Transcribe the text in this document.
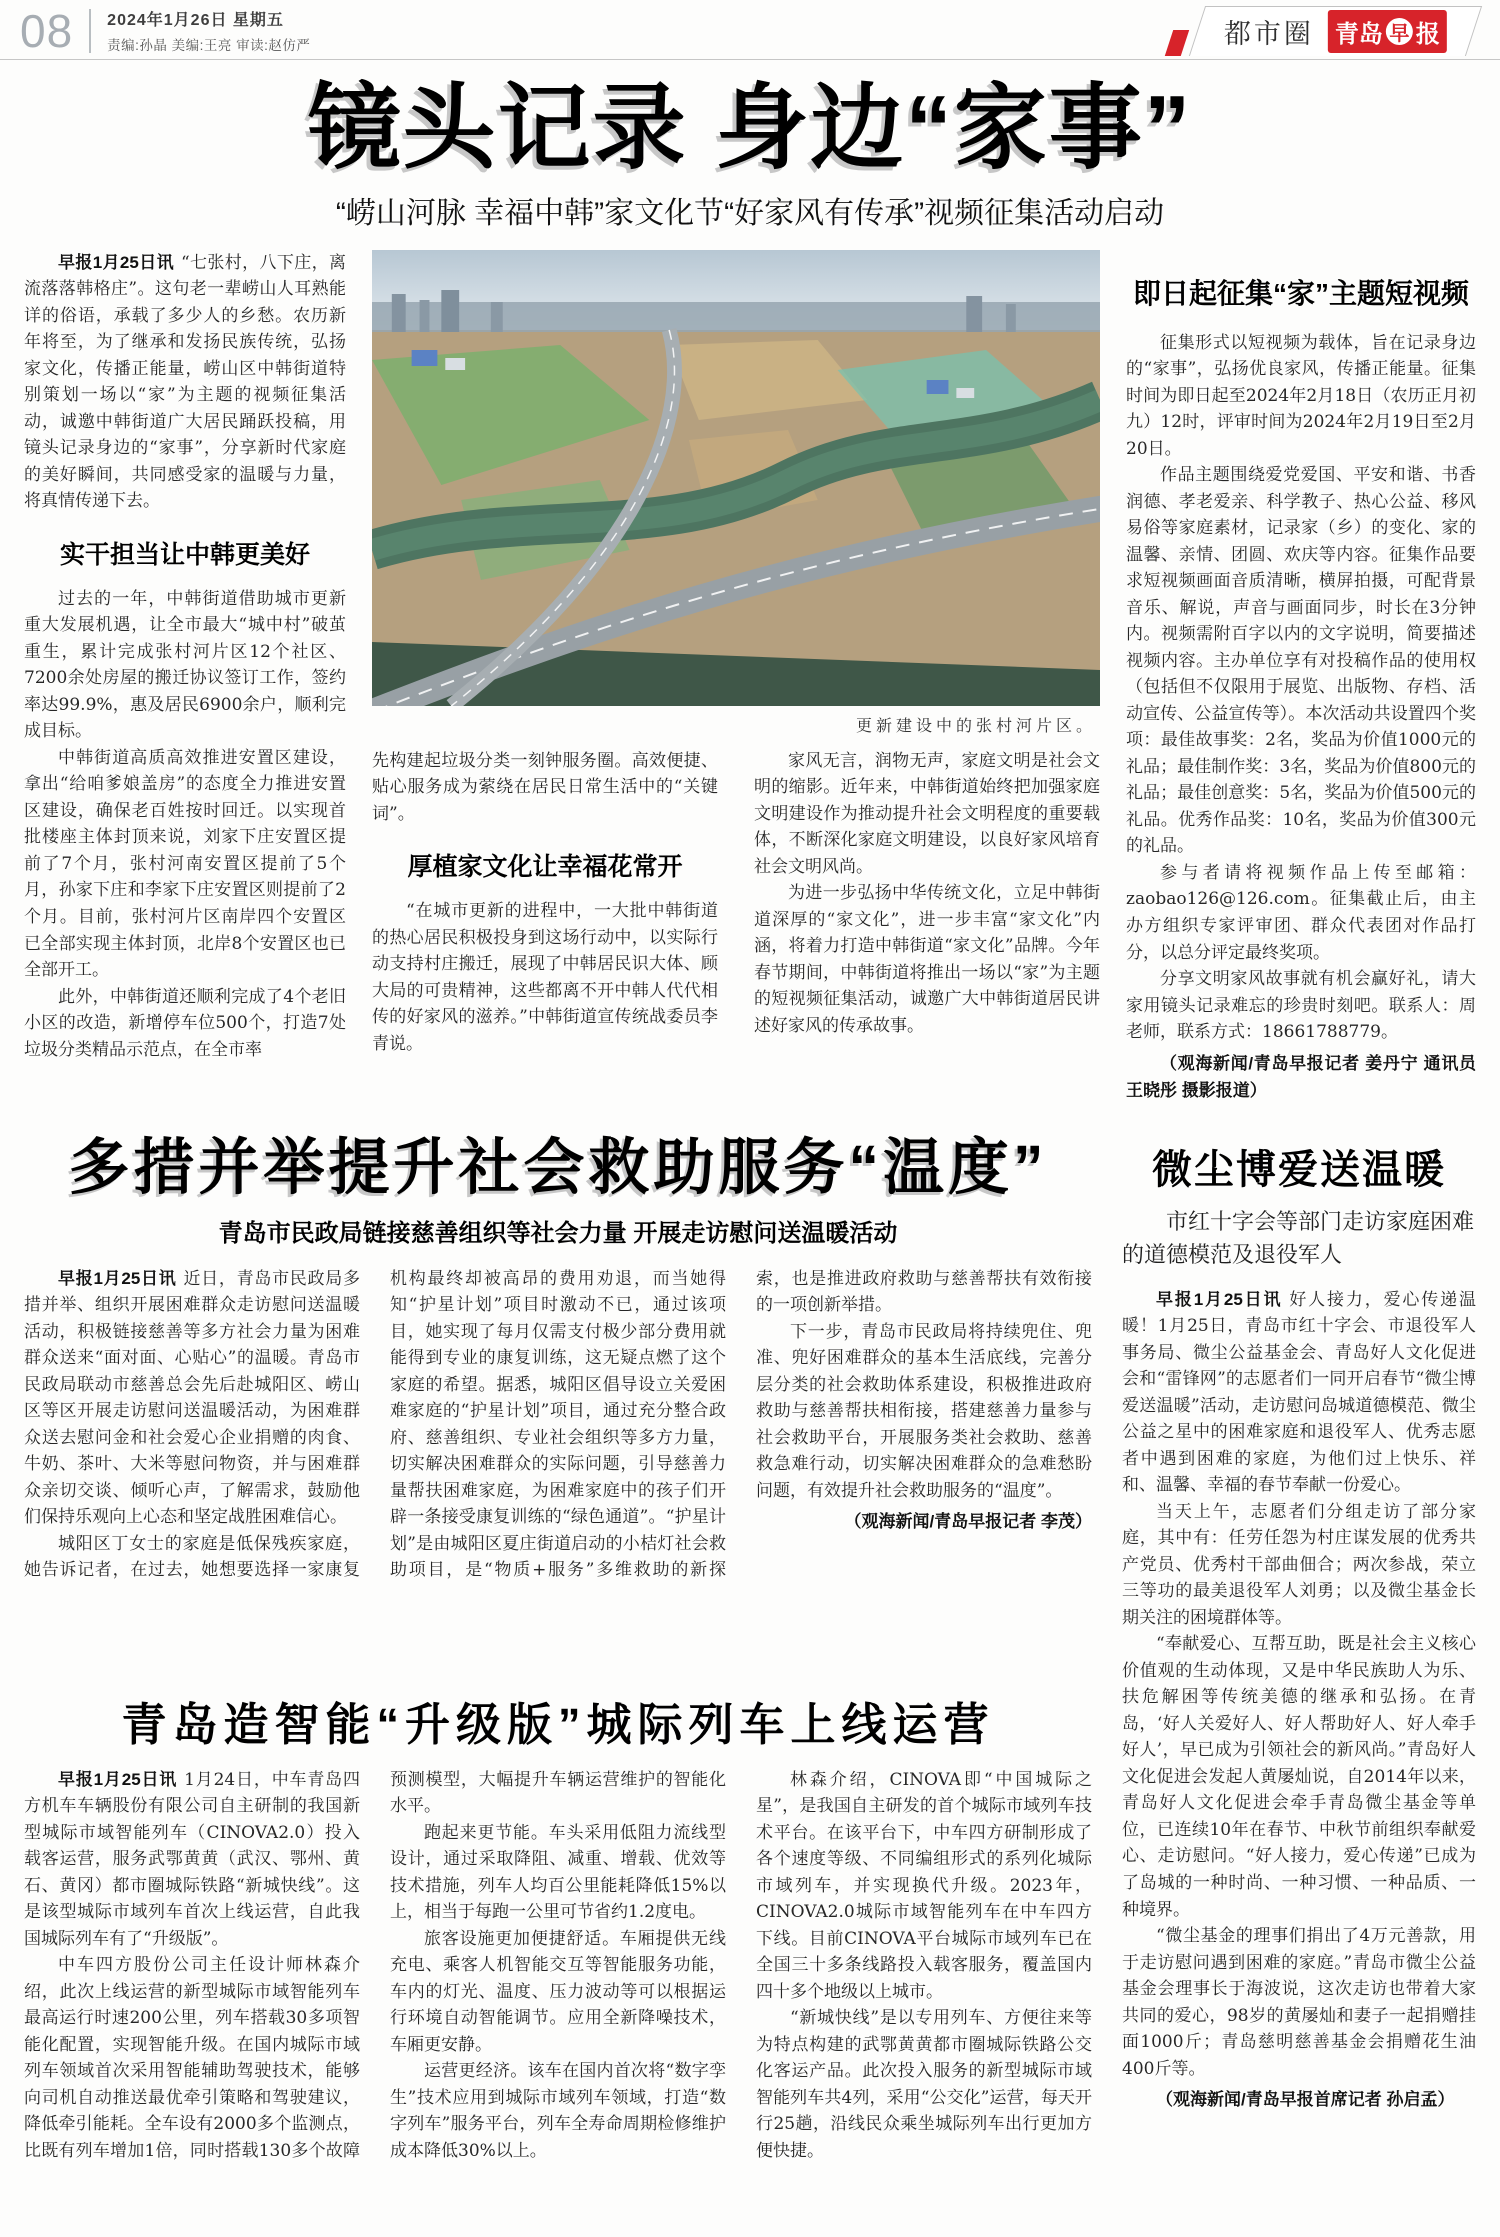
08 2024年1月26日 星期五
责编:孙晶 美编:王亮 审读:赵仿严	都市圈 青岛 早 报
镜头记录 身边“家事”

“崂山河脉 幸福中韩”家文化节“好家风有传承”视频征集活动启动

早报1月25日讯 “七张村，八下庄，离流落落韩格庄”。这句老一辈崂山人耳熟能详的俗语，承载了多少人的乡愁。农历新年将至，为了继承和发扬民族传统，弘扬家文化，传播正能量，崂山区中韩街道特别策划一场以“家”为主题的视频征集活动，诚邀中韩街道广大居民踊跃投稿，用镜头记录身边的“家事”，分享新时代家庭的美好瞬间，共同感受家的温暖与力量，将真情传递下去。

实干担当让中韩更美好

过去的一年，中韩街道借助城市更新重大发展机遇，让全市最大“城中村”破茧重生，累计完成张村河片区12个社区、7200余处房屋的搬迁协议签订工作，签约率达99.9%，惠及居民6900余户，顺利完成目标。

中韩街道高质高效推进安置区建设，拿出“给咱爹娘盖房”的态度全力推进安置区建设，确保老百姓按时回迁。以实现首批楼座主体封顶来说，刘家下庄安置区提前了7个月，张村河南安置区提前了5个月，孙家下庄和李家下庄安置区则提前了2个月。目前，张村河片区南岸四个安置区已全部实现主体封顶，北岸8个安置区也已全部开工。

此外，中韩街道还顺利完成了4个老旧小区的改造，新增停车位500个，打造7处垃圾分类精品示范点，在全市率

更新建设中的张村河片区。

先构建起垃圾分类一刻钟服务圈。高效便捷、贴心服务成为萦绕在居民日常生活中的“关键词”。

厚植家文化让幸福花常开

“在城市更新的进程中，一大批中韩街道的热心居民积极投身到这场行动中，以实际行动支持村庄搬迁，展现了中韩居民识大体、顾大局的可贵精神，这些都离不开中韩人代代相传的好家风的滋养。”中韩街道宣传统战委员李青说。

家风无言，润物无声，家庭文明是社会文明的缩影。近年来，中韩街道始终把加强家庭文明建设作为推动提升社会文明程度的重要载体，不断深化家庭文明建设，以良好家风培育社会文明风尚。

为进一步弘扬中华传统文化，立足中韩街道深厚的“家文化”，进一步丰富“家文化”内涵，将着力打造中韩街道“家文化”品牌。今年春节期间，中韩街道将推出一场以“家”为主题的短视频征集活动，诚邀广大中韩街道居民讲述好家风的传承故事。

即日起征集“家”主题短视频

征集形式以短视频为载体，旨在记录身边的“家事”，弘扬优良家风，传播正能量。征集时间为即日起至2024年2月18日（农历正月初九）12时，评审时间为2024年2月19日至2月20日。

作品主题围绕爱党爱国、平安和谐、书香润德、孝老爱亲、科学教子、热心公益、移风易俗等家庭素材，记录家（乡）的变化、家的温馨、亲情、团圆、欢庆等内容。征集作品要求短视频画面音质清晰，横屏拍摄，可配背景音乐、解说，声音与画面同步，时长在3分钟内。视频需附百字以内的文字说明，简要描述视频内容。主办单位享有对投稿作品的使用权（包括但不仅限用于展览、出版物、存档、活动宣传、公益宣传等）。本次活动共设置四个奖项：最佳故事奖：2名，奖品为价值1000元的礼品；最佳制作奖：3名，奖品为价值800元的礼品；最佳创意奖：5名，奖品为价值500元的礼品。优秀作品奖：10名，奖品为价值300元的礼品。

参与者请将视频作品上传至邮箱：zaobao126@126.com。征集截止后，由主办方组织专家评审团、群众代表团对作品打分，以总分评定最终奖项。

分享文明家风故事就有机会赢好礼，请大家用镜头记录难忘的珍贵时刻吧。联系人：周老师，联系方式：18661788779。

（观海新闻/青岛早报记者 姜丹宁 通讯员 王晓彤 摄影报道）

多措并举提升社会救助服务“温度”

青岛市民政局链接慈善组织等社会力量 开展走访慰问送温暖活动

早报1月25日讯 近日，青岛市民政局多措并举、组织开展困难群众走访慰问送温暖活动，积极链接慈善等多方社会力量为困难群众送来“面对面、心贴心”的温暖。青岛市民政局联动市慈善总会先后赴城阳区、崂山区等区开展走访慰问送温暖活动，为困难群众送去慰问金和社会爱心企业捐赠的肉食、牛奶、茶叶、大米等慰问物资，并与困难群众亲切交谈、倾听心声，了解需求，鼓励他们保持乐观向上心态和坚定战胜困难信心。

城阳区丁女士的家庭是低保残疾家庭，她告诉记者，在过去，她想要选择一家康复机构最终却被高昂的费用劝退，而当她得知“护星计划”项目时激动不已，通过该项目，她实现了每月仅需支付极少部分费用就能得到专业的康复训练，这无疑点燃了这个家庭的希望。据悉，城阳区倡导设立关爱困难家庭的“护星计划”项目，通过充分整合政府、慈善组织、专业社会组织等多方力量，切实解决困难群众的实际问题，引导慈善力量帮扶困难家庭，为困难家庭中的孩子们开辟一条接受康复训练的“绿色通道”。“护星计划”是由城阳区夏庄街道启动的小桔灯社会救助项目，是“物质+服务”多维救助的新探索，也是推进政府救助与慈善帮扶有效衔接的一项创新举措。

下一步，青岛市民政局将持续兜住、兜准、兜好困难群众的基本生活底线，完善分层分类的社会救助体系建设，积极推进政府救助与慈善帮扶相衔接，搭建慈善力量参与社会救助平台，开展服务类社会救助、慈善救急难行动，切实解决困难群众的急难愁盼问题，有效提升社会救助服务的“温度”。

（观海新闻/青岛早报记者 李茂）

青岛造智能“升级版”城际列车上线运营

早报1月25日讯 1月24日，中车青岛四方机车车辆股份有限公司自主研制的我国新型城际市域智能列车（CINOVA2.0）投入载客运营，服务武鄂黄黄（武汉、鄂州、黄石、黄冈）都市圈城际铁路“新城快线”。这是该型城际市域列车首次上线运营，自此我国城际列车有了“升级版”。

中车四方股份公司主任设计师林森介绍，此次上线运营的新型城际市域智能列车最高运行时速200公里，列车搭载30多项智能化配置，实现智能升级。在国内城际市域列车领域首次采用智能辅助驾驶技术，能够向司机自动推送最优牵引策略和驾驶建议，降低牵引能耗。全车设有2000多个监测点，比既有列车增加1倍，同时搭载130多个故障预测模型，大幅提升车辆运营维护的智能化水平。

跑起来更节能。车头采用低阻力流线型设计，通过采取降阻、减重、增载、优效等技术措施，列车人均百公里能耗降低15%以上，相当于每跑一公里可节省约1.2度电。

旅客设施更加便捷舒适。车厢提供无线充电、乘客人机智能交互等智能服务功能，车内的灯光、温度、压力波动等可以根据运行环境自动智能调节。应用全新降噪技术，车厢更安静。

运营更经济。该车在国内首次将“数字孪生”技术应用到城际市域列车领域，打造“数字列车”服务平台，列车全寿命周期检修维护成本降低30%以上。

林森介绍，CINOVA即“中国城际之星”，是我国自主研发的首个城际市域列车技术平台。在该平台下，中车四方研制形成了各个速度等级、不同编组形式的系列化城际市域列车，并实现换代升级。2023年，CINOVA2.0城际市域智能列车在中车四方下线。目前CINOVA平台城际市域列车已在全国三十多条线路投入载客服务，覆盖国内四十多个地级以上城市。

“新城快线”是以专用列车、方便往来等为特点构建的武鄂黄黄都市圈城际铁路公交化客运产品。此次投入服务的新型城际市域智能列车共4列，采用“公交化”运营，每天开行25趟，沿线民众乘坐城际列车出行更加方便快捷。

微尘博爱送温暖

市红十字会等部门走访家庭困难的道德模范及退役军人

早报1月25日讯 好人接力，爱心传递温暖！1月25日，青岛市红十字会、市退役军人事务局、微尘公益基金会、青岛好人文化促进会和“雷锋网”的志愿者们一同开启春节“微尘博爱送温暖”活动，走访慰问岛城道德模范、微尘公益之星中的困难家庭和退役军人、优秀志愿者中遇到困难的家庭，为他们过上快乐、祥和、温馨、幸福的春节奉献一份爱心。

当天上午，志愿者们分组走访了部分家庭，其中有：任劳任怨为村庄谋发展的优秀共产党员、优秀村干部曲佃合；两次参战，荣立三等功的最美退役军人刘勇；以及微尘基金长期关注的困境群体等。

“奉献爱心、互帮互助，既是社会主义核心价值观的生动体现，又是中华民族助人为乐、扶危解困等传统美德的继承和弘扬。在青岛，‘好人关爱好人、好人帮助好人、好人牵手好人’，早已成为引领社会的新风尚。”青岛好人文化促进会发起人黄屡灿说，自2014年以来，青岛好人文化促进会牵手青岛微尘基金等单位，已连续10年在春节、中秋节前组织奉献爱心、走访慰问。“好人接力，爱心传递”已成为了岛城的一种时尚、一种习惯、一种品质、一种境界。

“微尘基金的理事们捐出了4万元善款，用于走访慰问遇到困难的家庭。”青岛市微尘公益基金会理事长于海波说，这次走访也带着大家共同的爱心，98岁的黄屡灿和妻子一起捐赠挂面1000斤；青岛慈明慈善基金会捐赠花生油400斤等。

（观海新闻/青岛早报首席记者 孙启孟）
